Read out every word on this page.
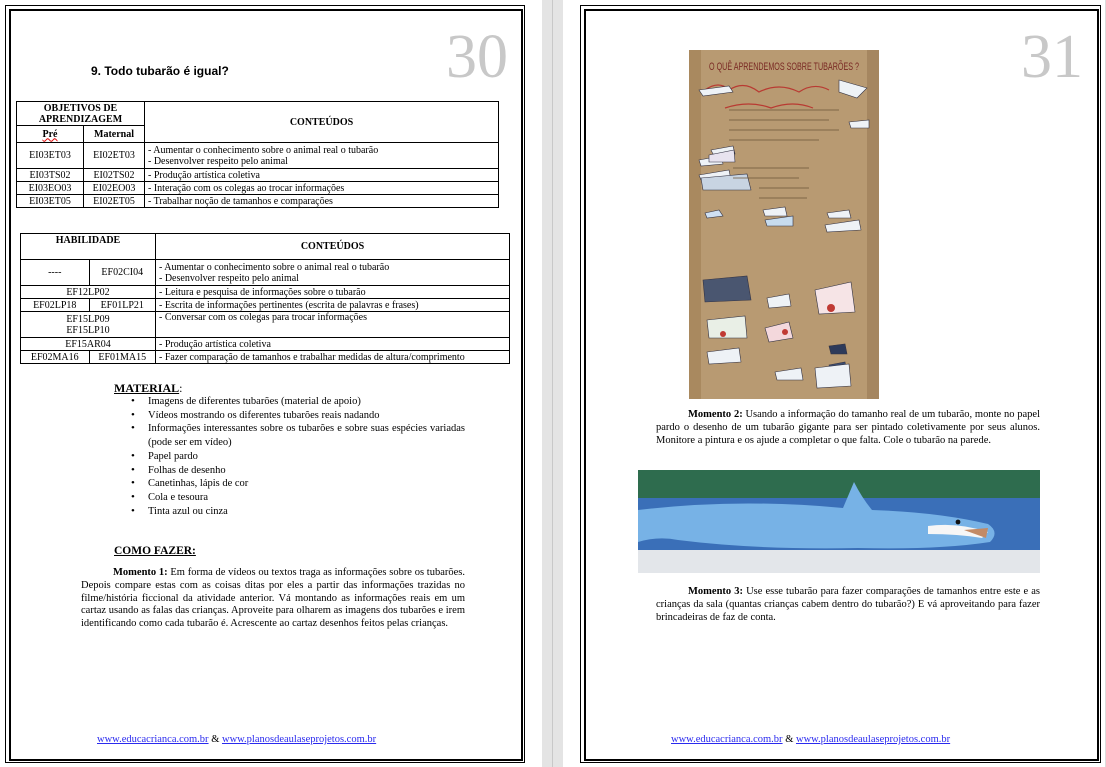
30
9. Todo tubarão é igual?
OBJETIVOS DE APRENDIZAGEM		CONTEÚDOS
Pré	Maternal	
EI03ET03	EI02ET03	- Aumentar o conhecimento sobre o animal real o tubarão
- Desenvolver respeito pelo animal

EI03TS02	EI02TS02	- Produção artística coletiva
EI03EO03	EI02EO03	- Interação com os colegas ao trocar informações
EI03ET05	EI02ET05	- Trabalhar noção de tamanhos e comparações
HABILIDADE		CONTEÚDOS
----	EF02CI04	- Aumentar o conhecimento sobre o animal real o tubarão
- Desenvolver respeito pelo animal

EF12LP02		- Leitura e pesquisa de informações sobre o tubarão
EF02LP18	EF01LP21	- Escrita de informações pertinentes (escrita de palavras e frases)

EF15LP09
EF15LP10		- Conversar com os colegas para trocar informações
EF15AR04		- Produção artística coletiva
EF02MA16	EF01MA15	- Fazer comparação de tamanhos e trabalhar medidas de altura/comprimento
MATERIAL:
• Imagens de diferentes tubarões (material de apoio)
• Vídeos mostrando os diferentes tubarões reais nadando
• Informações interessantes sobre os tubarões e sobre suas espécies variadas (pode ser em vídeo)
• Papel pardo
• Folhas de desenho
• Canetinhas, lápis de cor
• Cola e tesoura
• Tinta azul ou cinza
COMO FAZER:
Momento 1: Em forma de vídeos ou textos traga as informações sobre os tubarões. Depois compare estas com as coisas ditas por eles a partir das informações trazidas no filme/história ficcional da atividade anterior. Vá montando as informações reais em um cartaz usando as falas das crianças. Aproveite para olharem as imagens dos tubarões e irem identificando como cada tubarão é. Acrescente ao cartaz desenhos feitos pelas crianças.
www.educacrianca.com.br & www.planosdeaulaseprojetos.com.br
31
O QUÊ APRENDEMOS SOBRE TUBARÕES ?
Momento 2: Usando a informação do tamanho real de um tubarão, monte no papel pardo o desenho de um tubarão gigante para ser pintado coletivamente por seus alunos. Monitore a pintura e os ajude a completar o que falta. Cole o tubarão na parede.
Momento 3: Use esse tubarão para fazer comparações de tamanhos entre este e as crianças da sala (quantas crianças cabem dentro do tubarão?) E vá aproveitando para fazer brincadeiras de faz de conta.
www.educacrianca.com.br & www.planosdeaulaseprojetos.com.br
